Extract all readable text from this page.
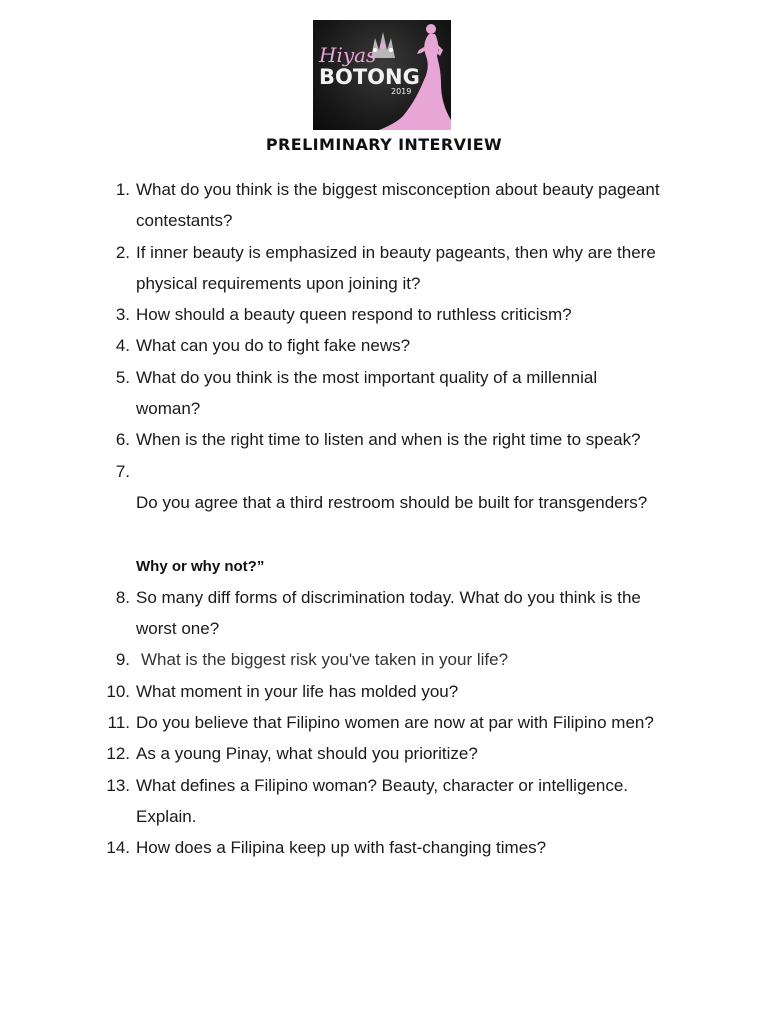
Hiyas
BOTONG
2019
PRELIMINARY INTERVIEW
1. What do you think is the biggest misconception about beauty pageant
contestants?
2. If inner beauty is emphasized in beauty pageants, then why are there
physical requirements upon joining it?
3. How should a beauty queen respond to ruthless criticism?
4. What can you do to fight fake news?
5. What do you think is the most important quality of a millennial
woman?
6. When is the right time to listen and when is the right time to speak?
7.

Do you agree that a third restroom should be built for transgenders?

Why or why not?”

8. So many diff forms of discrimination today. What do you think is the
worst one?
9. What is the biggest risk you've taken in your life?
10. What moment in your life has molded you?
11. Do you believe that Filipino women are now at par with Filipino men?
12. As a young Pinay, what should you prioritize?
13. What defines a Filipino woman? Beauty, character or intelligence.
Explain.
14. How does a Filipina keep up with fast-changing times?
